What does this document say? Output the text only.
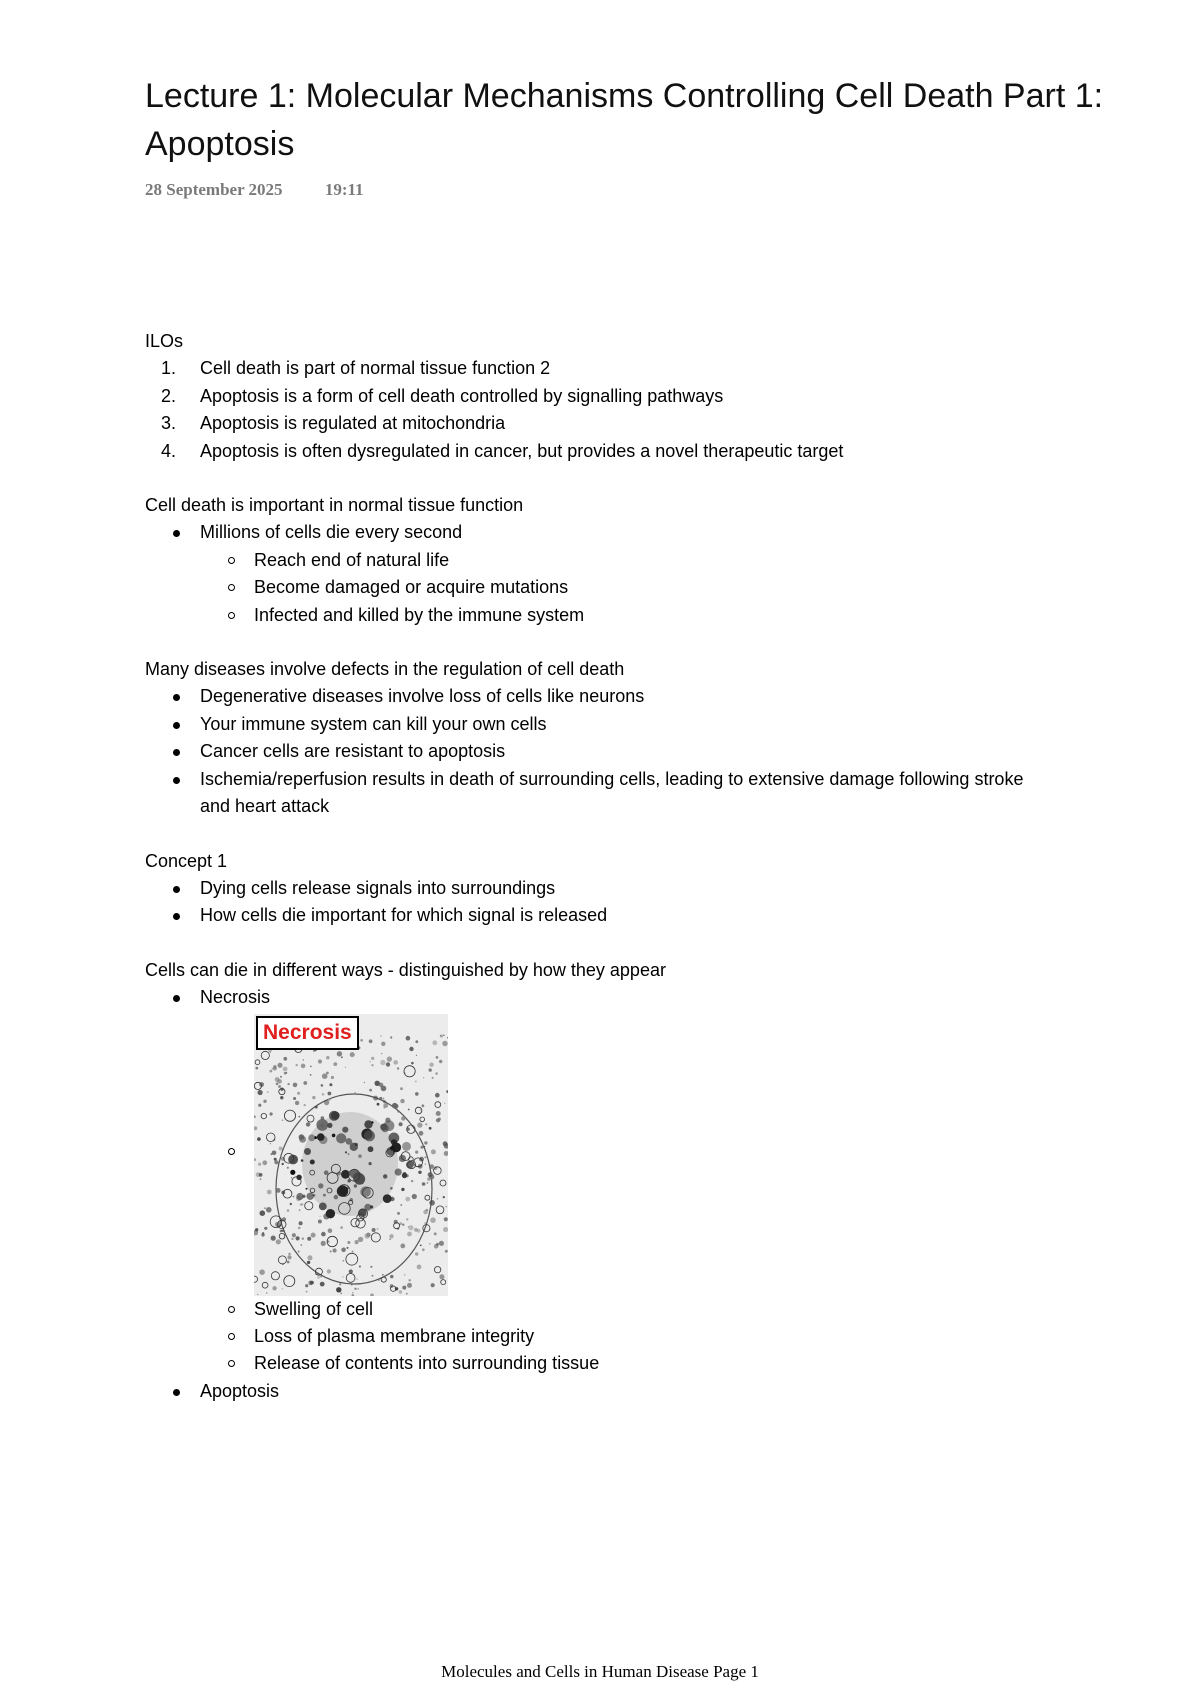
Lecture 1: Molecular Mechanisms Controlling Cell Death Part 1: Apoptosis
28 September 2025 19:11

ILOs

1. Cell death is part of normal tissue function 2
2. Apoptosis is a form of cell death controlled by signalling pathways
3. Apoptosis is regulated at mitochondria
4. Apoptosis is often dysregulated in cancer, but provides a novel therapeutic target

Cell death is important in normal tissue function

Millions of cells die every second
Reach end of natural life
Become damaged or acquire mutations
Infected and killed by the immune system

Many diseases involve defects in the regulation of cell death

Degenerative diseases involve loss of cells like neurons
Your immune system can kill your own cells
Cancer cells are resistant to apoptosis
Ischemia/reperfusion results in death of surrounding cells, leading to extensive damage following stroke and heart attack

Concept 1

Dying cells release signals into surroundings
How cells die important for which signal is released

Cells can die in different ways - distinguished by how they appear

Necrosis
Necrosis
Swelling of cell
Loss of plasma membrane integrity
Release of contents into surrounding tissue
Apoptosis
Molecules and Cells in Human Disease Page 1
